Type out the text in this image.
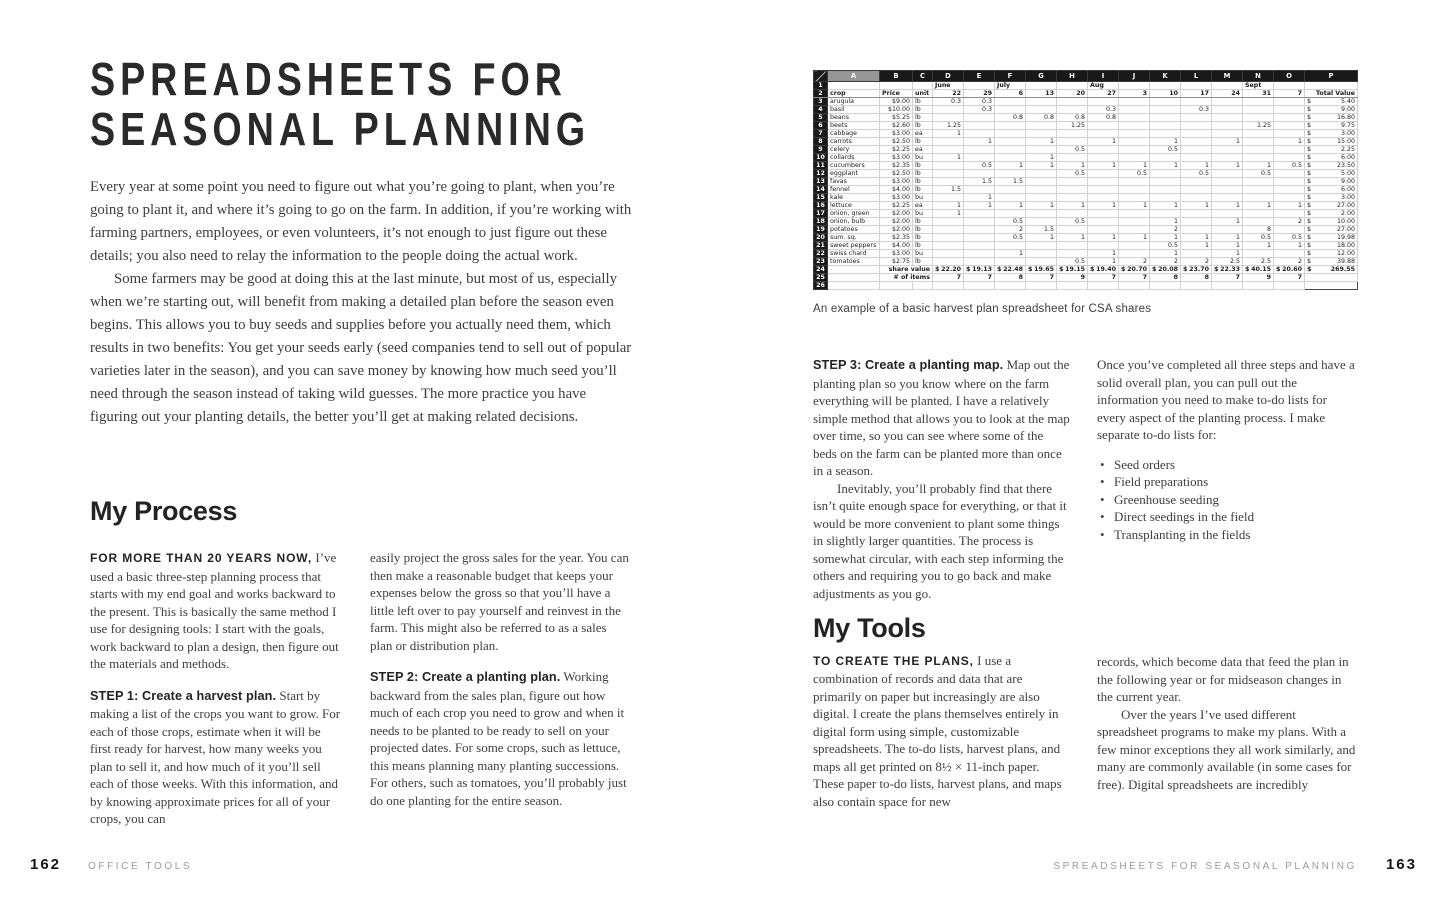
SPREADSHEETS FOR
SEASONAL PLANNING

Every year at some point you need to figure out what you’re going to plant, when you’re going to plant it, and where it’s going to go on the farm. In addition, if you’re working with farming partners, employees, or even volunteers, it’s not enough to just figure out these details; you also need to relay the information to the people doing the actual work.

Some farmers may be good at doing this at the last minute, but most of us, especially when we’re starting out, will benefit from making a detailed plan before the season even begins. This allows you to buy seeds and supplies before you actually need them, which results in two benefits: You get your seeds early (seed companies tend to sell out of popular varieties later in the season), and you can save money by knowing how much seed you’ll need through the season instead of taking wild guesses. The more practice you have figuring out your planting details, the better you’ll get at making related decisions.

My Process

FOR MORE THAN 20 YEARS NOW, I’ve used a basic three-step planning process that starts with my end goal and works backward to the present. This is basically the same method I use for designing tools: I start with the goals, work backward to plan a design, then figure out the materials and methods.

STEP 1: Create a harvest plan. Start by making a list of the crops you want to grow. For each of those crops, estimate when it will be first ready for harvest, how many weeks you plan to sell it, and how much of it you’ll sell each of those weeks. With this information, and by knowing approximate prices for all of your crops, you can

easily project the gross sales for the year. You can then make a reasonable budget that keeps your expenses below the gross so that you’ll have a little left over to pay yourself and reinvest in the farm. This might also be referred to as a sales plan or distribution plan.

STEP 2: Create a planting plan. Working backward from the sales plan, figure out how much of each crop you need to grow and when it needs to be planted to be ready to sell on your projected dates. For some crops, such as lettuce, this means planning many planting successions. For others, such as tomatoes, you’ll probably just do one planting for the entire season.

	A	B	C	D	E	F	G	H	I	J	K	L	M	N	O	P
1				June		July			Aug					Sept		
2	crop	Price	unit	22	29	6	13	20	27	3	10	17	24	31	7	Total Value
3	arugula	$9.00	lb	0.3	0.3											$ 5.40

4	basil	$10.00	lb		0.3				0.3			0.3				$ 9.00

5	beans	$5.25	lb			0.8	0.8	0.8	0.8							$ 16.80

6	beets	$2.60	lb	1.25				1.25						1.25		$ 9.75

7	cabbage	$3.00	ea	1												$ 3.00

8	carrots	$2.50	lb		1		1		1		1		1		1	$ 15.00

9	celery	$2.25	ea					0.5			0.5					$ 2.25

10	collards	$3.00	bu	1			1									$ 6.00

11	cucumbers	$2.35	lb		0.5	1	1	1	1	1	1	1	1	1	0.5	$ 23.50

12	eggplant	$2.50	lb					0.5		0.5		0.5		0.5		$ 5.00

13	favas	$3.00	lb		1.5	1.5										$ 9.00

14	fennel	$4.00	lb	1.5												$ 6.00

15	kale	$3.00	bu		1											$ 3.00

16	lettuce	$2.25	ea	1	1	1	1	1	1	1	1	1	1	1	1	$ 27.00

17	onion, green	$2.00	bu	1												$ 2.00

18	onion, bulb	$2.00	lb			0.5		0.5			1		1		2	$ 10.00

19	potatoes	$2.00	lb			2	1.5				2			8		$ 27.00

20	sum. sq.	$2.35	lb			0.5	1	1	1	1	1	1	1	0.5	0.5	$ 19.98

21	sweet peppers	$4.00	lb								0.5	1	1	1	1	$ 18.00

22	swiss chard	$3.00	bu			1			1		1		1			$ 12.00

23	tomatoes	$2.75	lb					0.5	1	2	2	2	2.5	2.5	2	$ 39.88

24		share value		$ 22.20	$ 19.13	$ 22.48	$ 19.65	$ 19.15	$ 19.40	$ 20.70	$ 20.08	$ 23.70	$ 22.33	$ 40.15	$ 20.60	$ 269.55

25		# of items		7	7	8	7	9	7	7	8	8	7	9	7	
26																

An example of a basic harvest plan spreadsheet for CSA shares

STEP 3: Create a planting map. Map out the planting plan so you know where on the farm everything will be planted. I have a relatively simple method that allows you to look at the map over time, so you can see where some of the beds on the farm can be planted more than once in a season.

Inevitably, you’ll probably find that there isn’t quite enough space for everything, or that it would be more convenient to plant some things in slightly larger quantities. The process is somewhat circular, with each step informing the others and requiring you to go back and make adjustments as you go.

My Tools

TO CREATE THE PLANS, I use a combination of records and data that are primarily on paper but increasingly are also digital. I create the plans themselves entirely in digital form using simple, customizable spreadsheets. The to-do lists, harvest plans, and maps all get printed on 8½ × 11-inch paper. These paper to-do lists, harvest plans, and maps also contain space for new

Once you’ve completed all three steps and have a solid overall plan, you can pull out the information you need to make to-do lists for every aspect of the planting process. I make separate to-do lists for:

• Seed orders
• Field preparations
• Greenhouse seeding
• Direct seedings in the field
• Transplanting in the fields

records, which become data that feed the plan in the following year or for midseason changes in the current year.

Over the years I’ve used different spreadsheet programs to make my plans. With a few minor exceptions they all work similarly, and many are commonly available (in some cases for free). Digital spreadsheets are incredibly

162	OFFICE TOOLS	SPREADSHEETS FOR SEASONAL PLANNING 163
